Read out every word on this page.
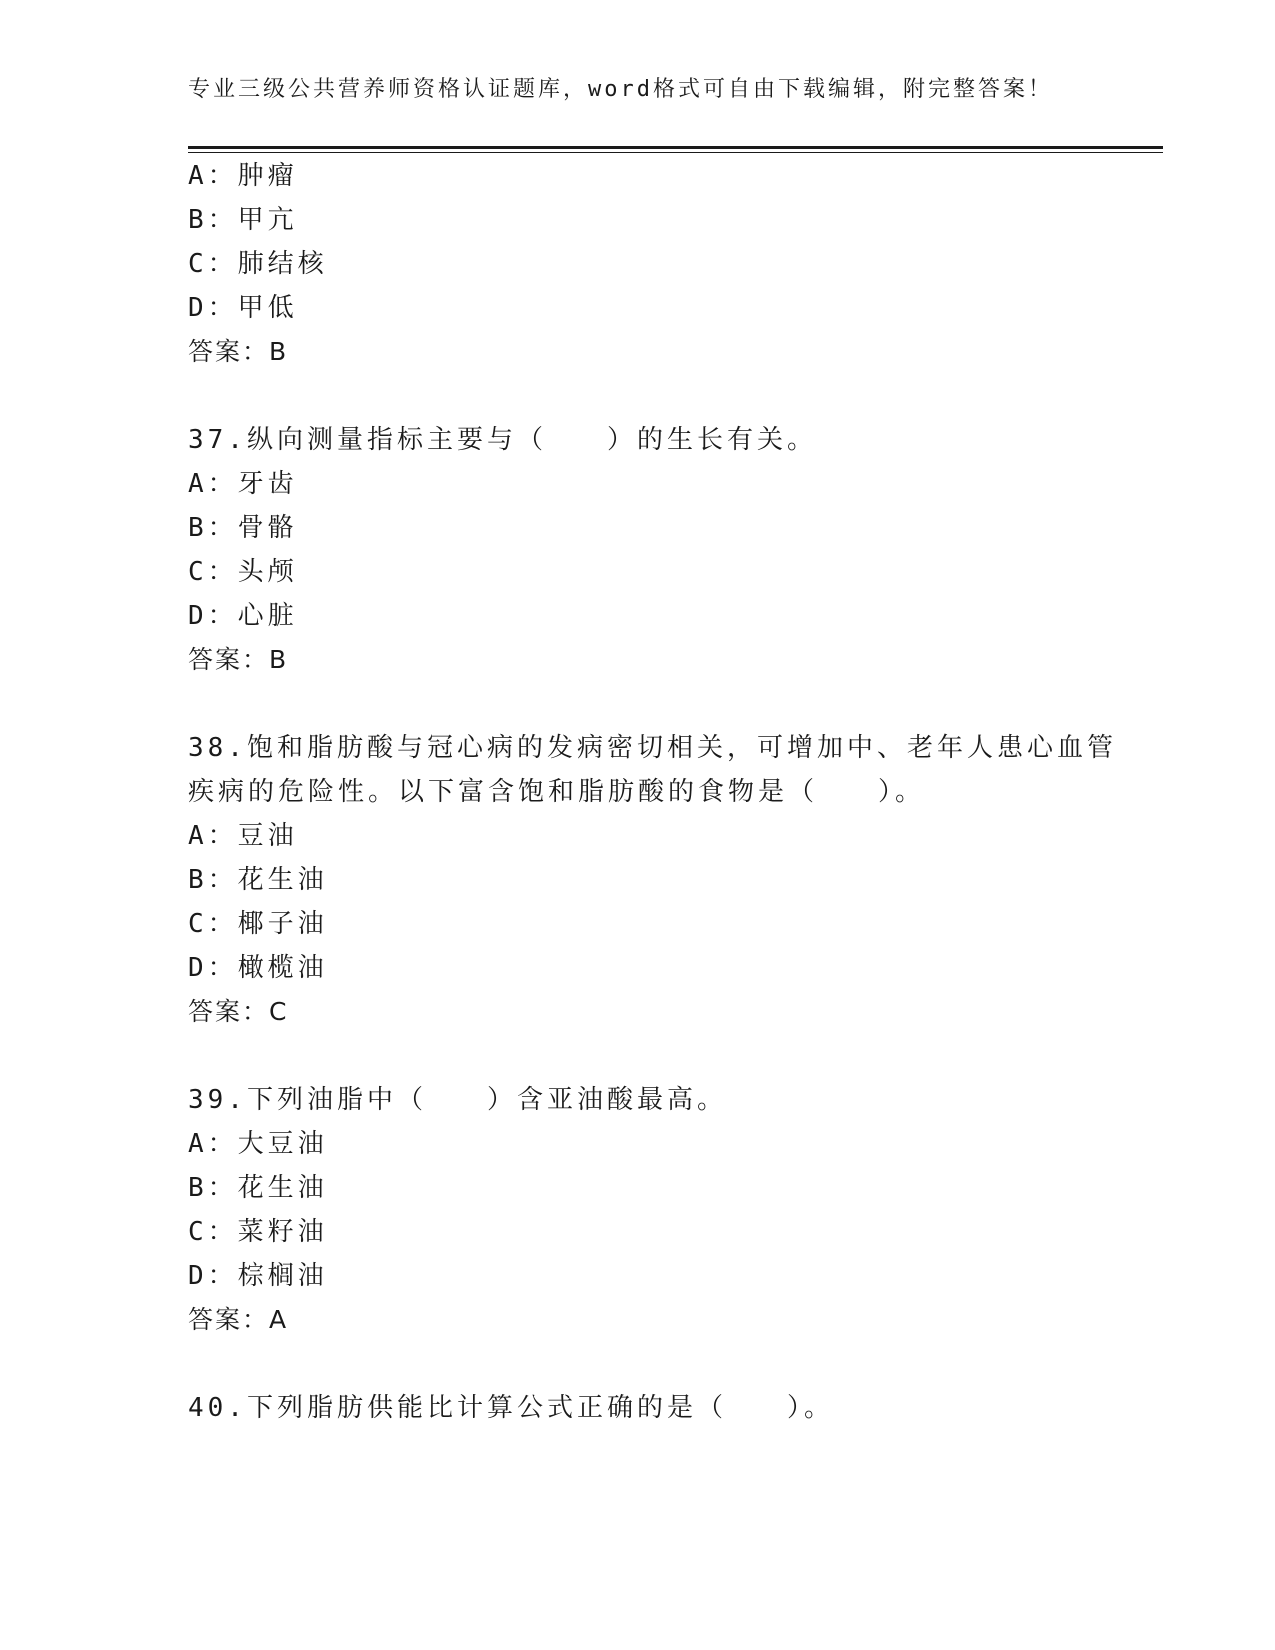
专业三级公共营养师资格认证题库，word格式可自由下载编辑，附完整答案！
A：肿瘤
B：甲亢
C：肺结核
D：甲低
答案：B
37.纵向测量指标主要与（　　）的生长有关。
A：牙齿
B：骨骼
C：头颅
D：心脏
答案：B
38.饱和脂肪酸与冠心病的发病密切相关，可增加中、老年人患心血管
疾病的危险性。以下富含饱和脂肪酸的食物是（　　）。
A：豆油
B：花生油
C：椰子油
D：橄榄油
答案：C
39.下列油脂中（　　）含亚油酸最高。
A：大豆油
B：花生油
C：菜籽油
D：棕榈油
答案：A
40.下列脂肪供能比计算公式正确的是（　　）。
